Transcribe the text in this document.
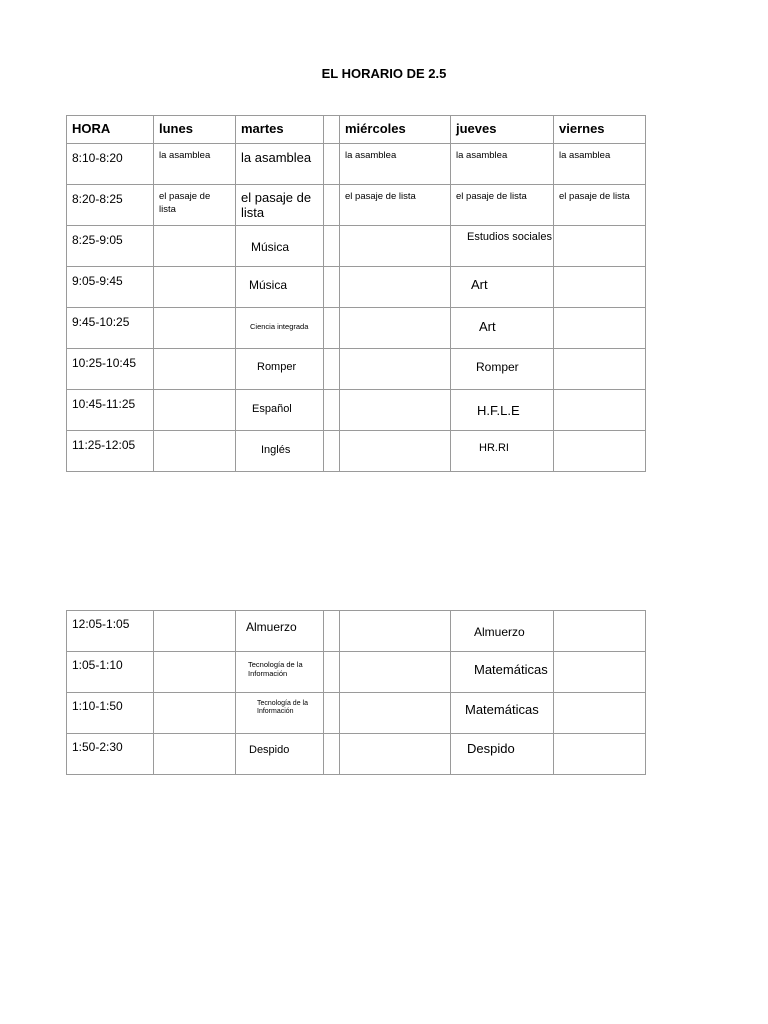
EL HORARIO DE 2.5
HORA	lunes	martes		miércoles	jueves	viernes

8:10-8:20	la asamblea	la asamblea		la asamblea	la asamblea	la asamblea

8:20-8:25	el pasaje de lista	el pasaje de lista		el pasaje de lista	el pasaje de lista	el pasaje de lista

8:25-9:05		Música			Estudios sociales	

9:05-9:45		Música			Art	

9:45-10:25		Ciencia integrada			Art	

10:25-10:45		Romper			Romper	

10:45-11:25		Español			H.F.L.E	

11:25-12:05		Inglés			HR.RI	

12:05-1:05		Almuerzo			Almuerzo	

1:05-1:10		Tecnología de la Información			Matemáticas	

1:10-1:50		Tecnología de la Información			Matemáticas	

1:50-2:30		Despido			Despido	
